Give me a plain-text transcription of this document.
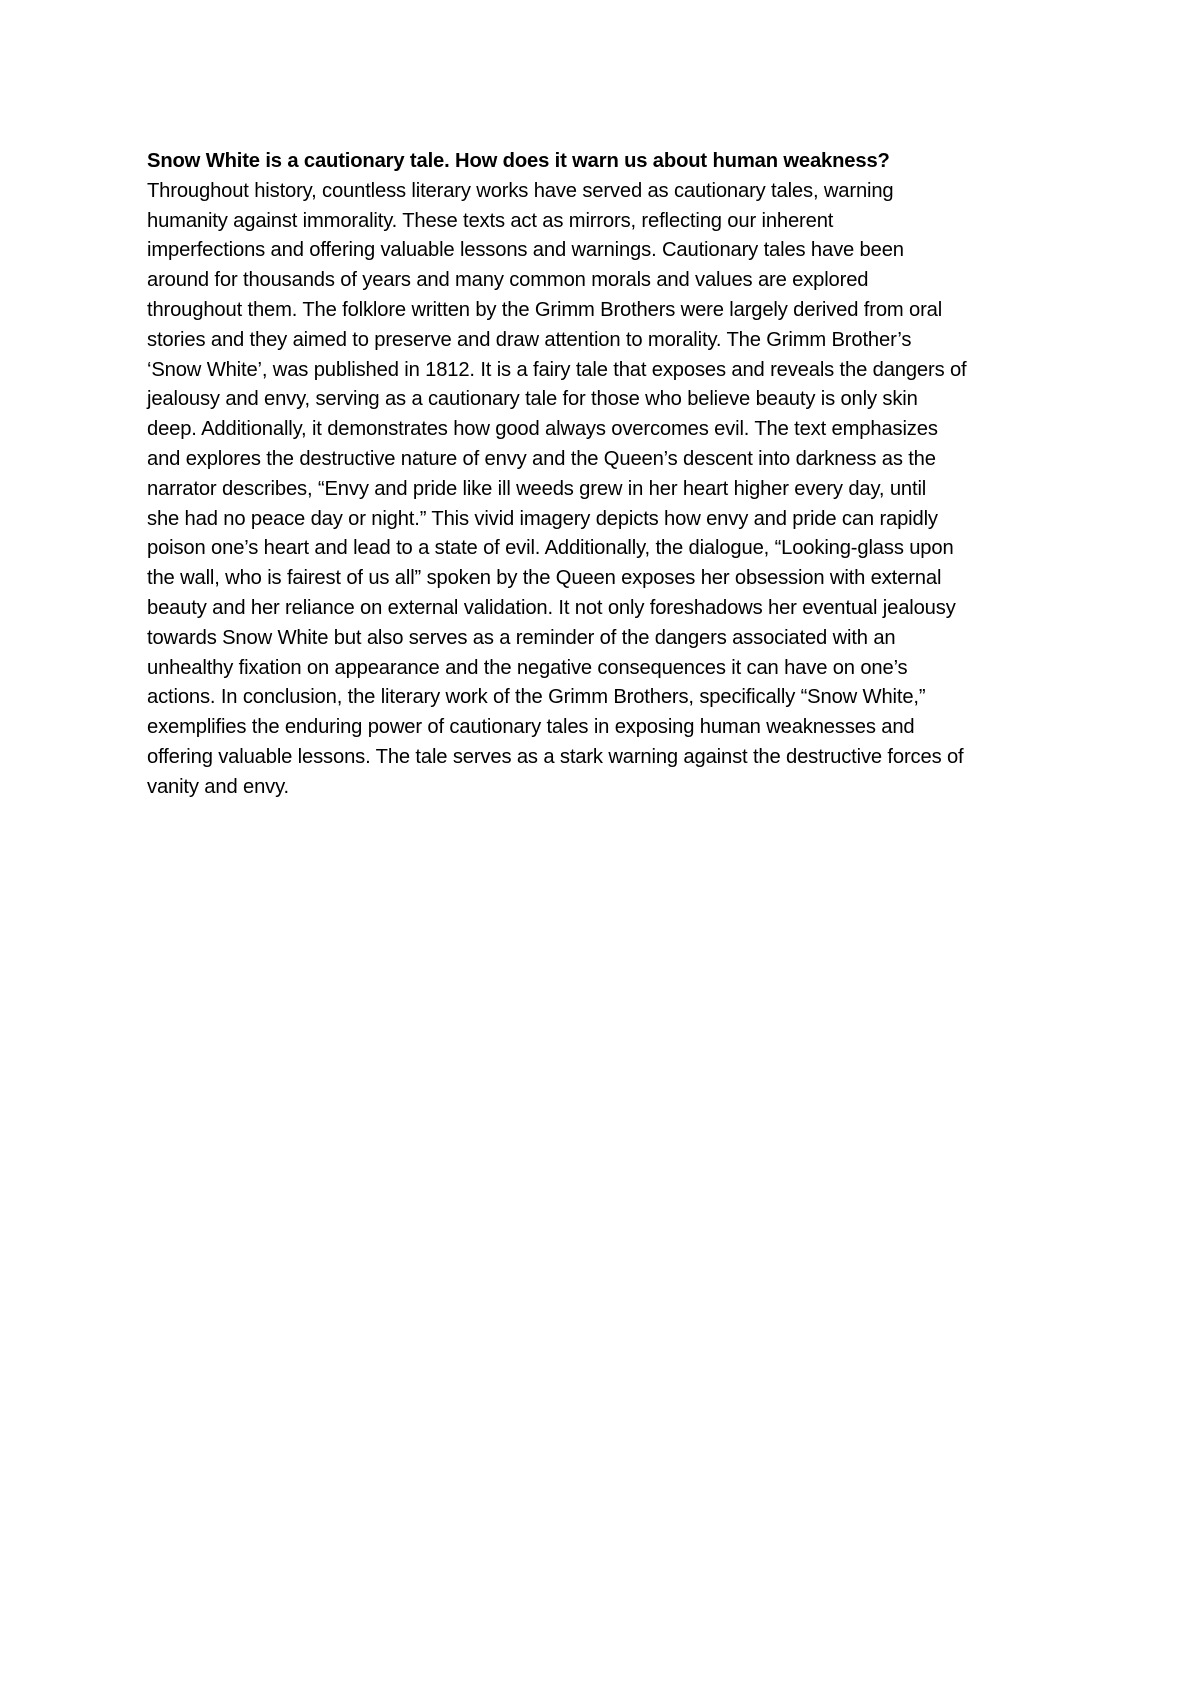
Snow White is a cautionary tale. How does it warn us about human weakness?
Throughout history, countless literary works have served as cautionary tales, warning
humanity against immorality. These texts act as mirrors, reflecting our inherent
imperfections and offering valuable lessons and warnings. Cautionary tales have been
around for thousands of years and many common morals and values are explored
throughout them. The folklore written by the Grimm Brothers were largely derived from oral
stories and they aimed to preserve and draw attention to morality. The Grimm Brother’s
‘Snow White’, was published in 1812. It is a fairy tale that exposes and reveals the dangers of
jealousy and envy, serving as a cautionary tale for those who believe beauty is only skin
deep. Additionally, it demonstrates how good always overcomes evil. The text emphasizes
and explores the destructive nature of envy and the Queen’s descent into darkness as the
narrator describes, “Envy and pride like ill weeds grew in her heart higher every day, until
she had no peace day or night.” This vivid imagery depicts how envy and pride can rapidly
poison one’s heart and lead to a state of evil. Additionally, the dialogue, “Looking-glass upon
the wall, who is fairest of us all” spoken by the Queen exposes her obsession with external
beauty and her reliance on external validation. It not only foreshadows her eventual jealousy
towards Snow White but also serves as a reminder of the dangers associated with an
unhealthy fixation on appearance and the negative consequences it can have on one’s
actions. In conclusion, the literary work of the Grimm Brothers, specifically “Snow White,”
exemplifies the enduring power of cautionary tales in exposing human weaknesses and
offering valuable lessons. The tale serves as a stark warning against the destructive forces of
vanity and envy.
